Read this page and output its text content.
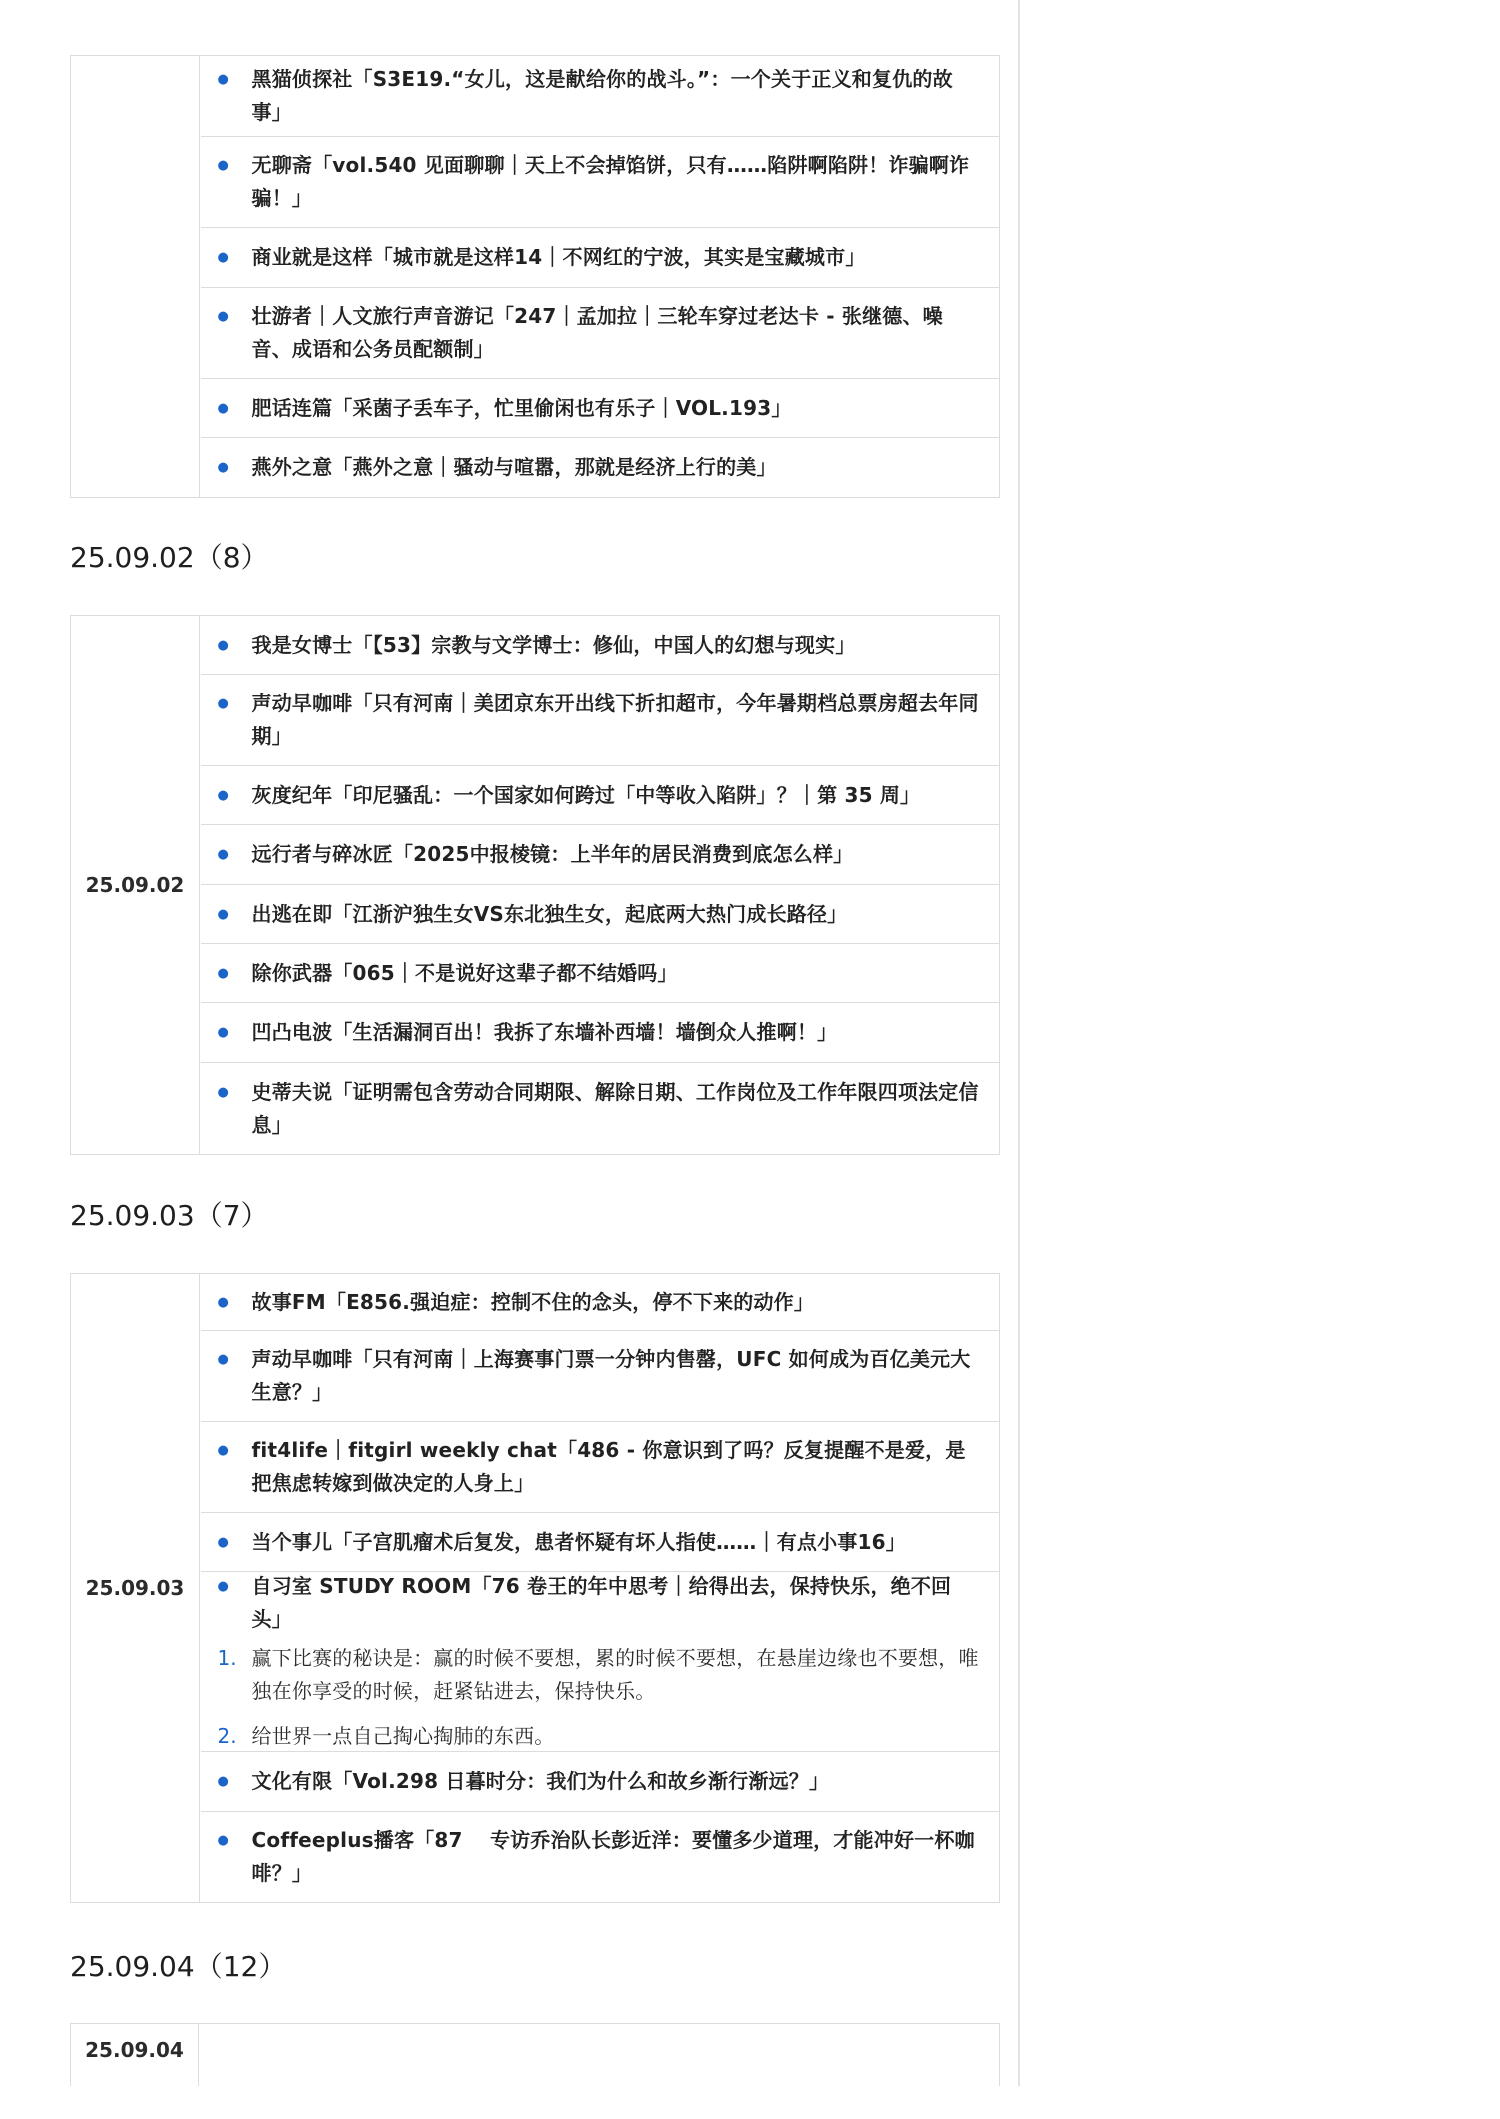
●	黑猫侦探社「S3E19.“女儿，这是献给你的战斗。”：一个关于正义和复仇的故事」
●	无聊斋「vol.540 见面聊聊｜天上不会掉馅饼，只有……陷阱啊陷阱！诈骗啊诈骗！」
●	商业就是这样「城市就是这样14｜不网红的宁波，其实是宝藏城市」
●	壮游者｜人文旅行声音游记「247｜孟加拉｜三轮车穿过老达卡 - 张继德、噪音、成语和公务员配额制」
●	肥话连篇「采菌子丢车子，忙里偷闲也有乐子｜VOL.193」
●	燕外之意「燕外之意｜骚动与喧嚣，那就是经济上行的美」
25.09.02（8）
25.09.02
●	我是女博士「【53】宗教与文学博士：修仙，中国人的幻想与现实」
●	声动早咖啡「只有河南｜美团京东开出线下折扣超市，今年暑期档总票房超去年同期」
●	灰度纪年「印尼骚乱：一个国家如何跨过「中等收入陷阱」？｜第 35 周」
●	远行者与碎冰匠「2025中报棱镜：上半年的居民消费到底怎么样」
●	出逃在即「江浙沪独生女VS东北独生女，起底两大热门成长路径」
●	除你武器「065｜不是说好这辈子都不结婚吗」
●	凹凸电波「生活漏洞百出！我拆了东墙补西墙！墙倒众人推啊！」
●	史蒂夫说「证明需包含劳动合同期限、解除日期、工作岗位及工作年限四项法定信息」
25.09.03（7）
25.09.03
●	故事FM「E856.强迫症：控制不住的念头，停不下来的动作」
●	声动早咖啡「只有河南｜上海赛事门票一分钟内售罄，UFC 如何成为百亿美元大生意？」
●	fit4life｜fitgirl weekly chat「486 - 你意识到了吗？反复提醒不是爱，是把焦虑转嫁到做决定的人身上」
●	当个事儿「子宫肌瘤术后复发，患者怀疑有坏人指使……｜有点小事16」
●	自习室 STUDY ROOM「76 卷王的年中思考｜给得出去，保持快乐，绝不回头」
1. 赢下比赛的秘诀是：赢的时候不要想，累的时候不要想，在悬崖边缘也不要想，唯独在你享受的时候，赶紧钻进去，保持快乐。
2. 给世界一点自己掏心掏肺的东西。
●	文化有限「Vol.298 日暮时分：我们为什么和故乡渐行渐远？」
●	Coffeeplus播客「87　 专访乔治队长彭近洋：要懂多少道理，才能冲好一杯咖啡？」
25.09.04（12）
25.09.04
